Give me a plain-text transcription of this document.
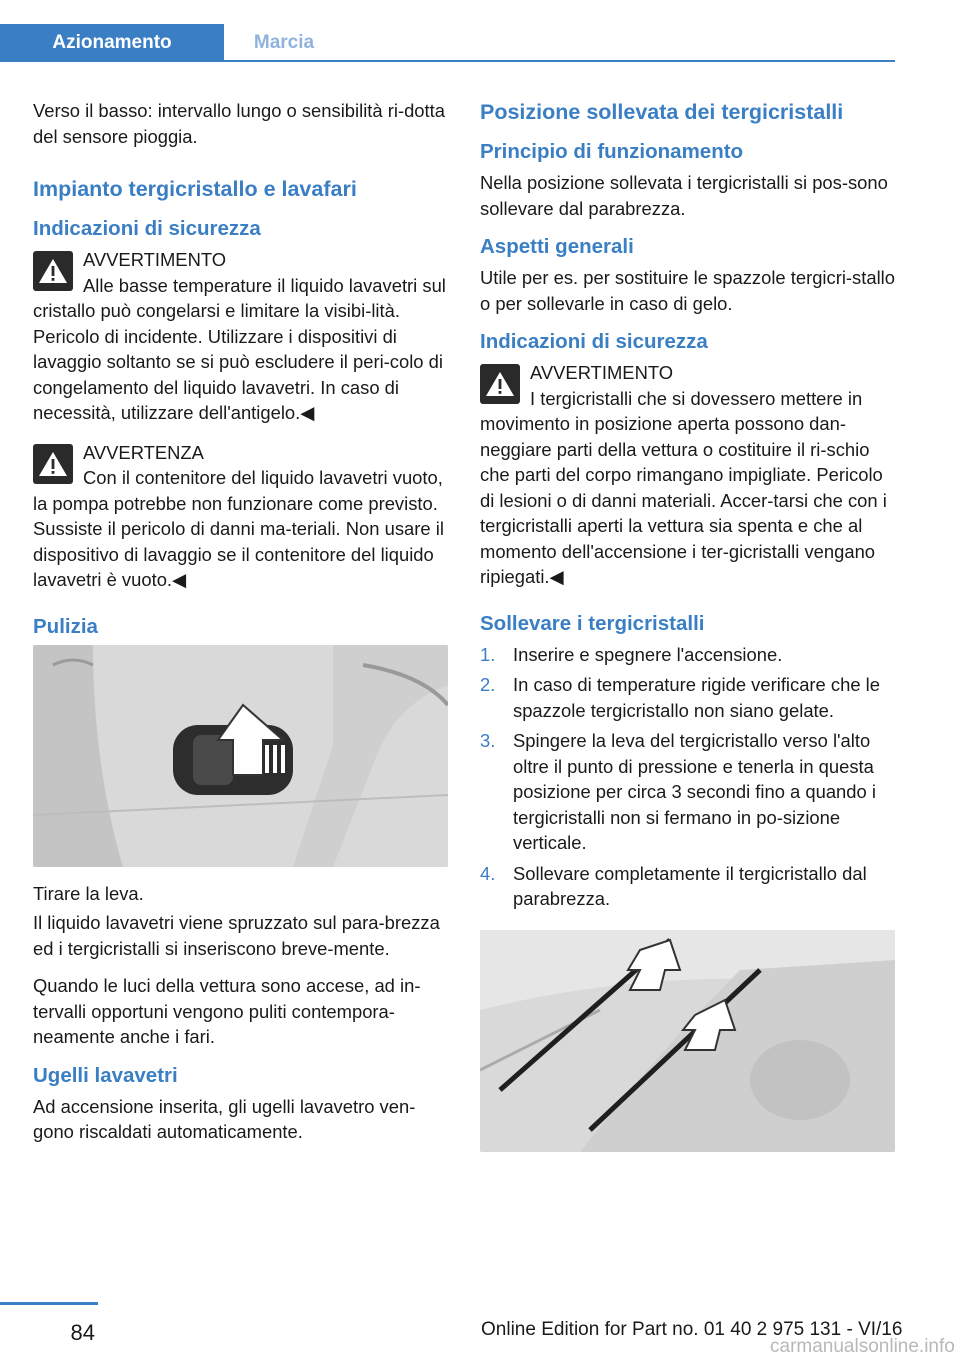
Azionamento	Marcia

Verso il basso: intervallo lungo o sensibilità ri-dotta del sensore pioggia.

Impianto tergicristallo e lavafari
Indicazioni di sicurezza
AVVERTIMENTO
Alle basse temperature il liquido lavavetri sul cristallo può congelarsi e limitare la visibi-lità. Pericolo di incidente. Utilizzare i dispositivi di lavaggio soltanto se si può escludere il peri-colo di congelamento del liquido lavavetri. In caso di necessità, utilizzare dell'antigelo.◀
AVVERTENZA
Con il contenitore del liquido lavavetri vuoto, la pompa potrebbe non funzionare come previsto. Sussiste il pericolo di danni ma-teriali. Non usare il dispositivo di lavaggio se il contenitore del liquido lavavetri è vuoto.◀
Pulizia

Tirare la leva.

Il liquido lavavetri viene spruzzato sul para-brezza ed i tergicristalli si inseriscono breve-mente.

Quando le luci della vettura sono accese, ad in-tervalli opportuni vengono puliti contempora-neamente anche i fari.

Ugelli lavavetri

Ad accensione inserita, gli ugelli lavavetro ven-gono riscaldati automaticamente.

Posizione sollevata dei tergicristalli
Principio di funzionamento

Nella posizione sollevata i tergicristalli si pos-sono sollevare dal parabrezza.

Aspetti generali

Utile per es. per sostituire le spazzole tergicri-stallo o per sollevarle in caso di gelo.

Indicazioni di sicurezza
AVVERTIMENTO
I tergicristalli che si dovessero mettere in movimento in posizione aperta possono dan-neggiare parti della vettura o costituire il ri-schio che parti del corpo rimangano impigliate. Pericolo di lesioni o di danni materiali. Accer-tarsi che con i tergicristalli aperti la vettura sia spenta e che al momento dell'accensione i ter-gicristalli vengano ripiegati.◀
Sollevare i tergicristalli
1. Inserire e spegnere l'accensione.
2. In caso di temperature rigide verificare che le spazzole tergicristallo non siano gelate.
3. Spingere la leva del tergicristallo verso l'alto oltre il punto di pressione e tenerla in questa posizione per circa 3 secondi fino a quando i tergicristalli non si fermano in po-sizione verticale.
4. Sollevare completamente il tergicristallo dal parabrezza.
84	Online Edition for Part no. 01 40 2 975 131 - VI/16
carmanualsonline.info
